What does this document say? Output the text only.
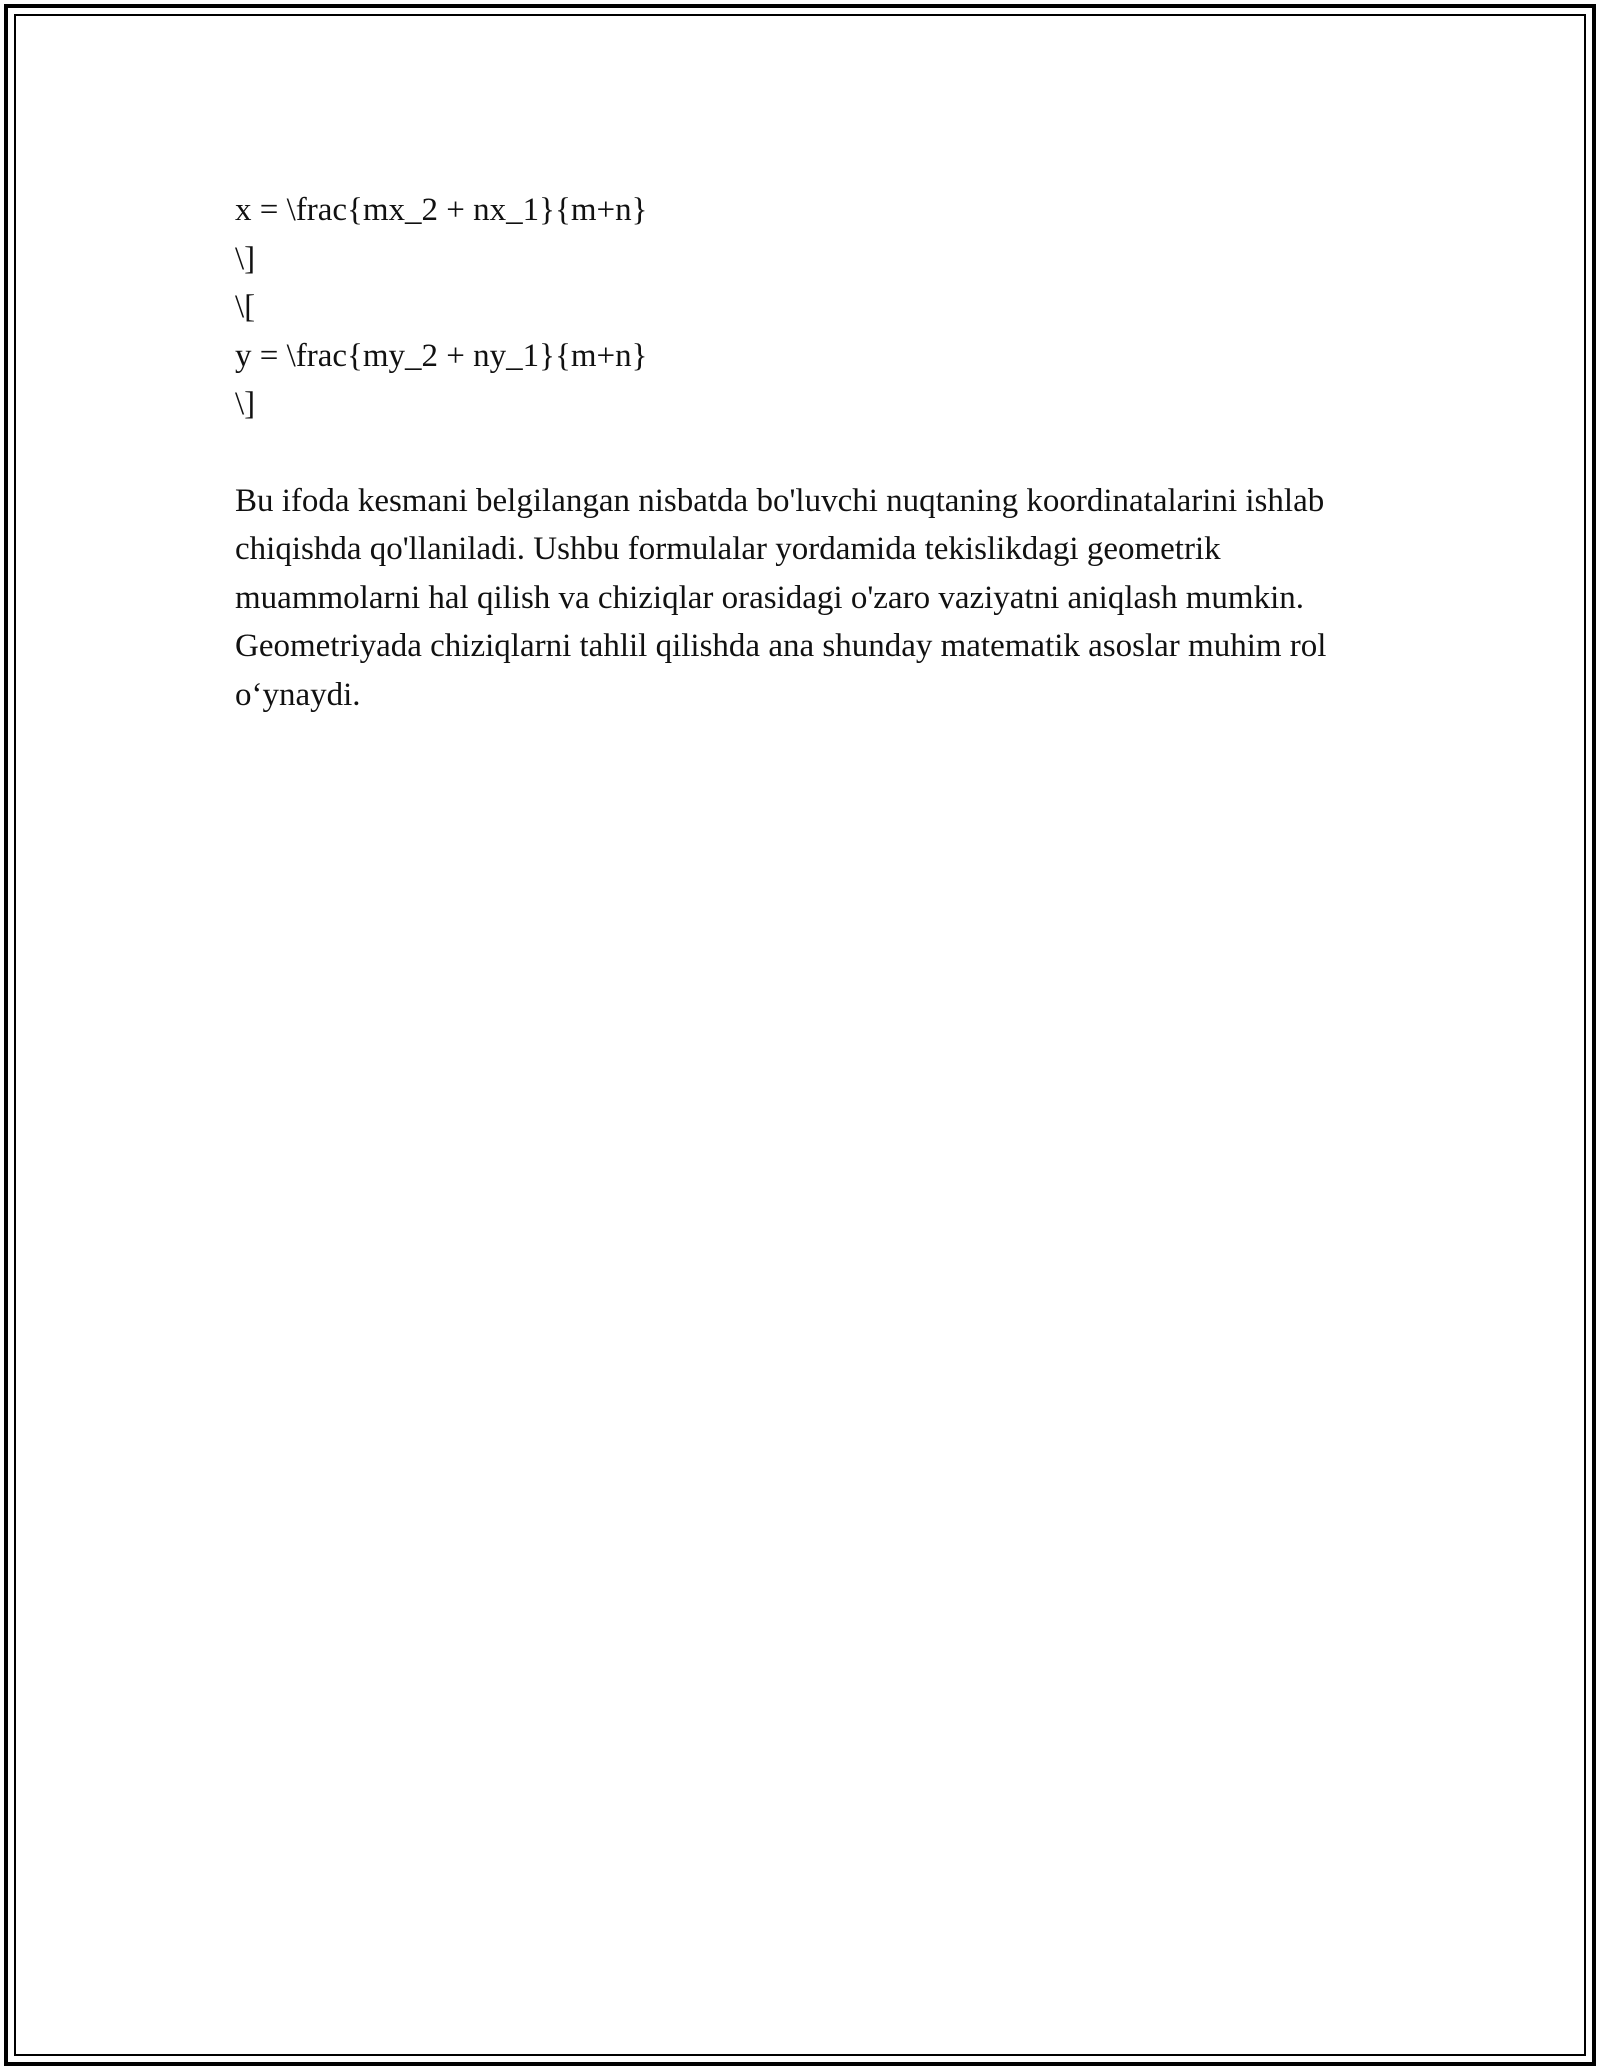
x = \frac{mx_2 + nx_1}{m+n}
\]
\[
y = \frac{my_2 + ny_1}{m+n}
\]

Bu ifoda kesmani belgilangan nisbatda bo'luvchi nuqtaning koordinatalarini ishlab chiqishda qo'llaniladi. Ushbu formulalar yordamida tekislikdagi geometrik muammolarni hal qilish va chiziqlar orasidagi o'zaro vaziyatni aniqlash mumkin. Geometriyada chiziqlarni tahlil qilishda ana shunday matematik asoslar muhim rol o‘ynaydi.
